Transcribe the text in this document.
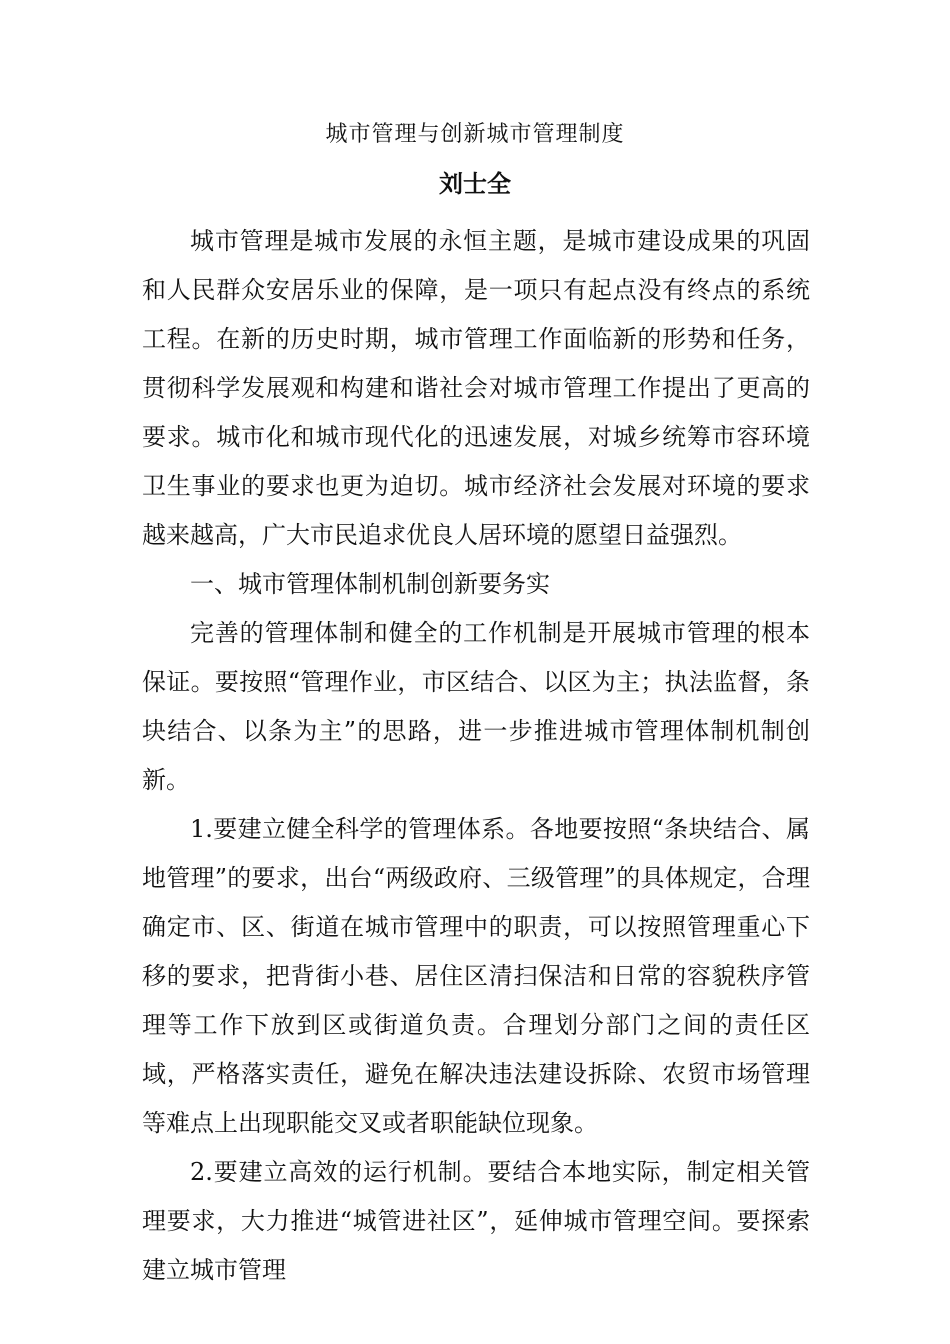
城市管理与创新城市管理制度
刘士全

城市管理是城市发展的永恒主题，是城市建设成果的巩固和人民群众安居乐业的保障，是一项只有起点没有终点的系统工程。在新的历史时期，城市管理工作面临新的形势和任务，贯彻科学发展观和构建和谐社会对城市管理工作提出了更高的要求。城市化和城市现代化的迅速发展，对城乡统筹市容环境卫生事业的要求也更为迫切。城市经济社会发展对环境的要求越来越高，广大市民追求优良人居环境的愿望日益强烈。

一、城市管理体制机制创新要务实

完善的管理体制和健全的工作机制是开展城市管理的根本保证。要按照“管理作业，市区结合、以区为主；执法监督，条块结合、以条为主”的思路，进一步推进城市管理体制机制创新。

1.要建立健全科学的管理体系。各地要按照“条块结合、属地管理”的要求，出台“两级政府、三级管理”的具体规定，合理确定市、区、街道在城市管理中的职责，可以按照管理重心下移的要求，把背街小巷、居住区清扫保洁和日常的容貌秩序管理等工作下放到区或街道负责。合理划分部门之间的责任区域，严格落实责任，避免在解决违法建设拆除、农贸市场管理等难点上出现职能交叉或者职能缺位现象。

2.要建立高效的运行机制。要结合本地实际，制定相关管理要求，大力推进“城管进社区”，延伸城市管理空间。要探索建立城市管理
